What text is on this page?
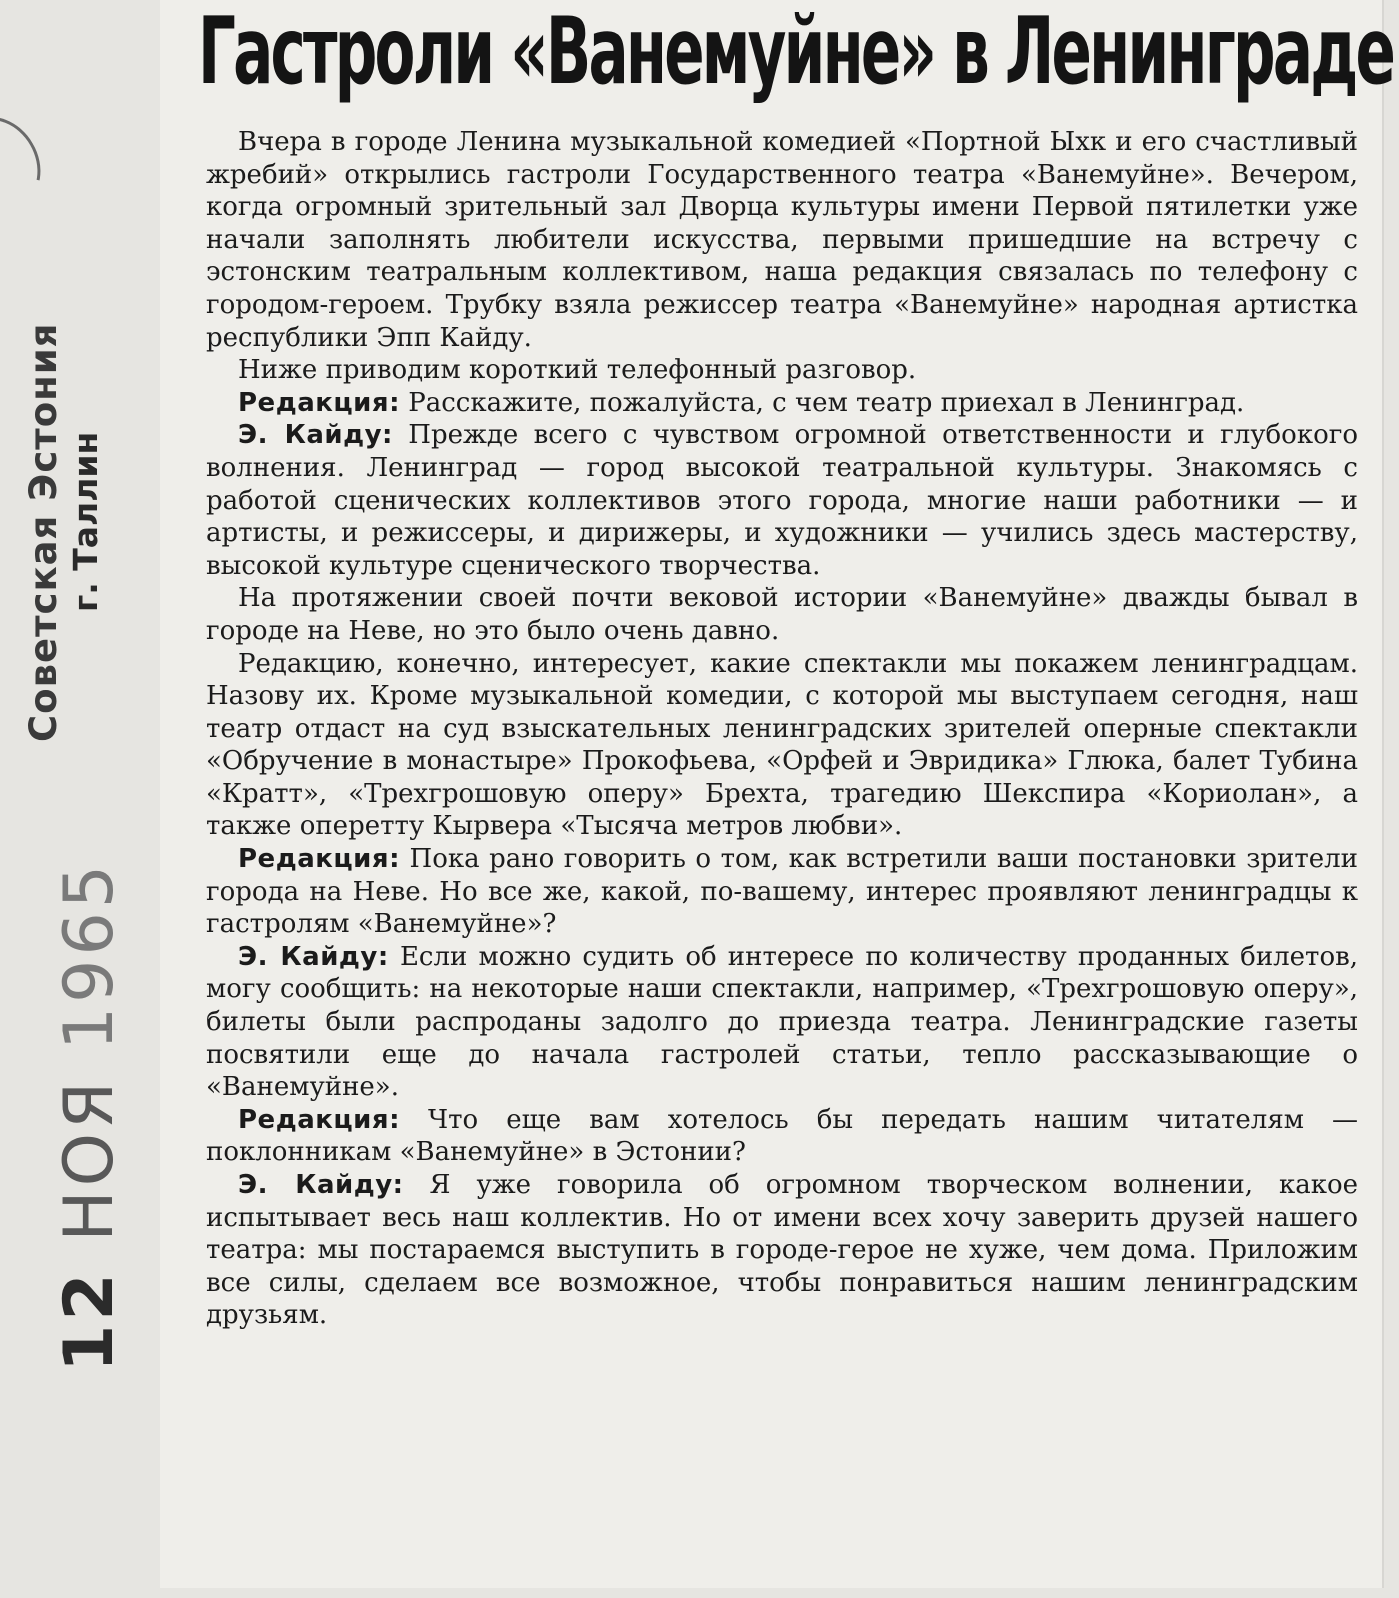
Советская Эстония г. Таллин
12 НОЯ 1965
Гастроли «Ванемуйне» в Ленинграде

Вчера в городе Ленина музыкальной комедией «Портной Ыхк и его счастливый жребий» открылись гастроли Государственного театра «Ванемуйне». Вечером, когда огромный зрительный зал Дворца культуры имени Первой пятилетки уже начали заполнять любители искусства, первыми пришедшие на встречу с эстонским театральным коллективом, наша редакция связалась по телефону с городом-героем. Трубку взяла режиссер театра «Ванемуйне» народная артистка республики Эпп Кайду.

Ниже приводим короткий телефонный разговор.

Редакция: Расскажите, пожалуйста, с чем театр приехал в Ленинград.

Э. Кайду: Прежде всего с чувством огромной ответственности и глубокого волнения. Ленинград — город высокой театральной культуры. Знакомясь с работой сценических коллективов этого города, многие наши работники — и артисты, и режиссеры, и дирижеры, и художники — учились здесь мастерству, высокой культуре сценического творчества.

На протяжении своей почти вековой истории «Ванемуйне» дважды бывал в городе на Неве, но это было очень давно.

Редакцию, конечно, интересует, какие спектакли мы покажем ленинградцам. Назову их. Кроме музыкальной комедии, с которой мы выступаем сегодня, наш театр отдаст на суд взыскательных ленинградских зрителей оперные спектакли «Обручение в монастыре» Прокофьева, «Орфей и Эвридика» Глюка, балет Тубина «Кратт», «Трехгрошовую оперу» Брехта, трагедию Шекспира «Кориолан», а также оперетту Кырвера «Тысяча метров любви».

Редакция: Пока рано говорить о том, как встретили ваши постановки зрители города на Неве. Но все же, какой, по-вашему, интерес проявляют ленинградцы к гастролям «Ванемуйне»?

Э. Кайду: Если можно судить об интересе по количеству проданных билетов, могу сообщить: на некоторые наши спектакли, например, «Трехгрошовую оперу», билеты были распроданы задолго до приезда театра. Ленинградские газеты посвятили еще до начала гастролей статьи, тепло рассказывающие о «Ванемуйне».

Редакция: Что еще вам хотелось бы передать нашим читателям — поклонникам «Ванемуйне» в Эстонии?

Э. Кайду: Я уже говорила об огромном творческом волнении, какое испытывает весь наш коллектив. Но от имени всех хочу заверить друзей нашего театра: мы постараемся выступить в городе-герое не хуже, чем дома. Приложим все силы, сделаем все возможное, чтобы понравиться нашим ленинградским друзьям.
